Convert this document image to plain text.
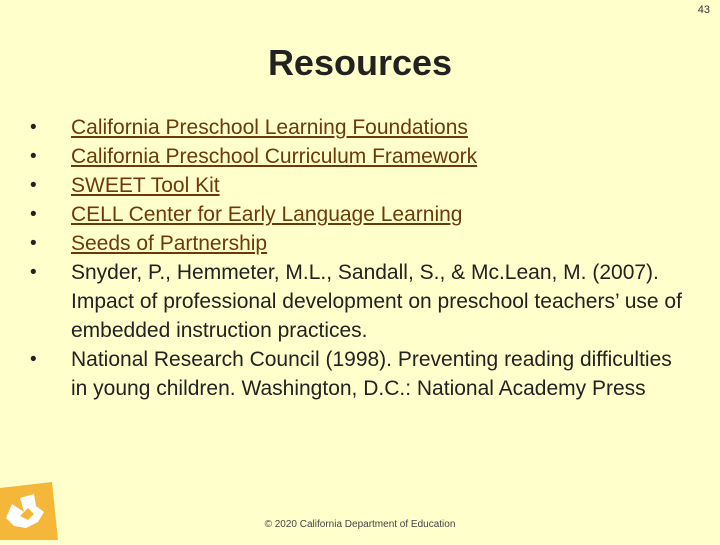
43
Resources
• California Preschool Learning Foundations
• California Preschool Curriculum Framework
• SWEET Tool Kit
• CELL Center for Early Language Learning
• Seeds of Partnership
• Snyder, P., Hemmeter, M.L., Sandall, S., & Mc.Lean, M. (2007). Impact of professional development on preschool teachers’ use of embedded instruction practices.
• National Research Council (1998). Preventing reading difficulties in young children. Washington, D.C.: National Academy Press
© 2020 California Department of Education
